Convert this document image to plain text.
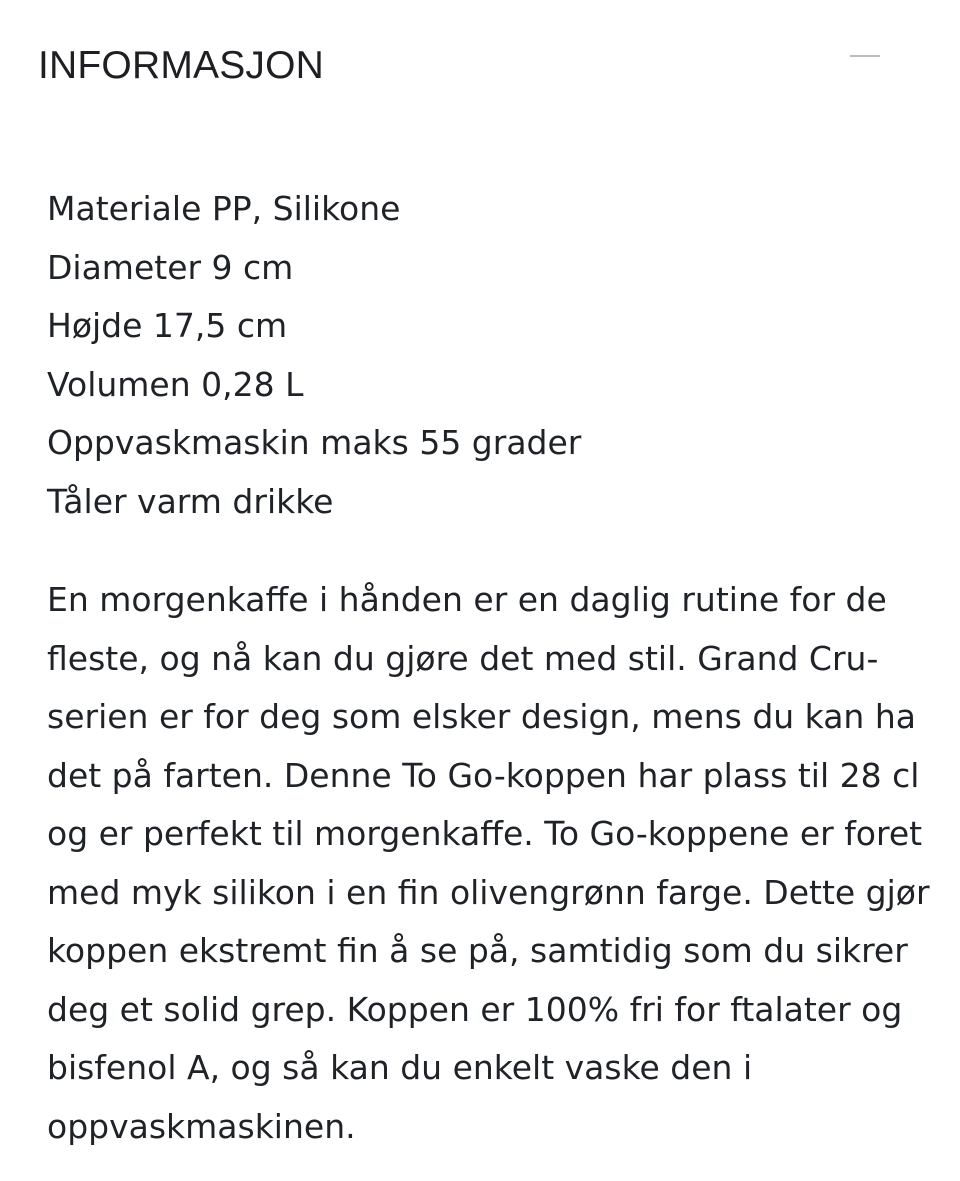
INFORMASJON
Materiale PP, Silikone
Diameter 9 cm
Højde 17,5 cm
Volumen 0,28 L
Oppvaskmaskin maks 55 grader
Tåler varm drikke

En morgenkaffe i hånden er en daglig rutine for de
fleste, og nå kan du gjøre det med stil. Grand Cru-
serien er for deg som elsker design, mens du kan ha
det på farten. Denne To Go-koppen har plass til 28 cl
og er perfekt til morgenkaffe. To Go-koppene er foret
med myk silikon i en fin olivengrønn farge. Dette gjør
koppen ekstremt fin å se på, samtidig som du sikrer
deg et solid grep. Koppen er 100% fri for ftalater og
bisfenol A, og så kan du enkelt vaske den i
oppvaskmaskinen.
